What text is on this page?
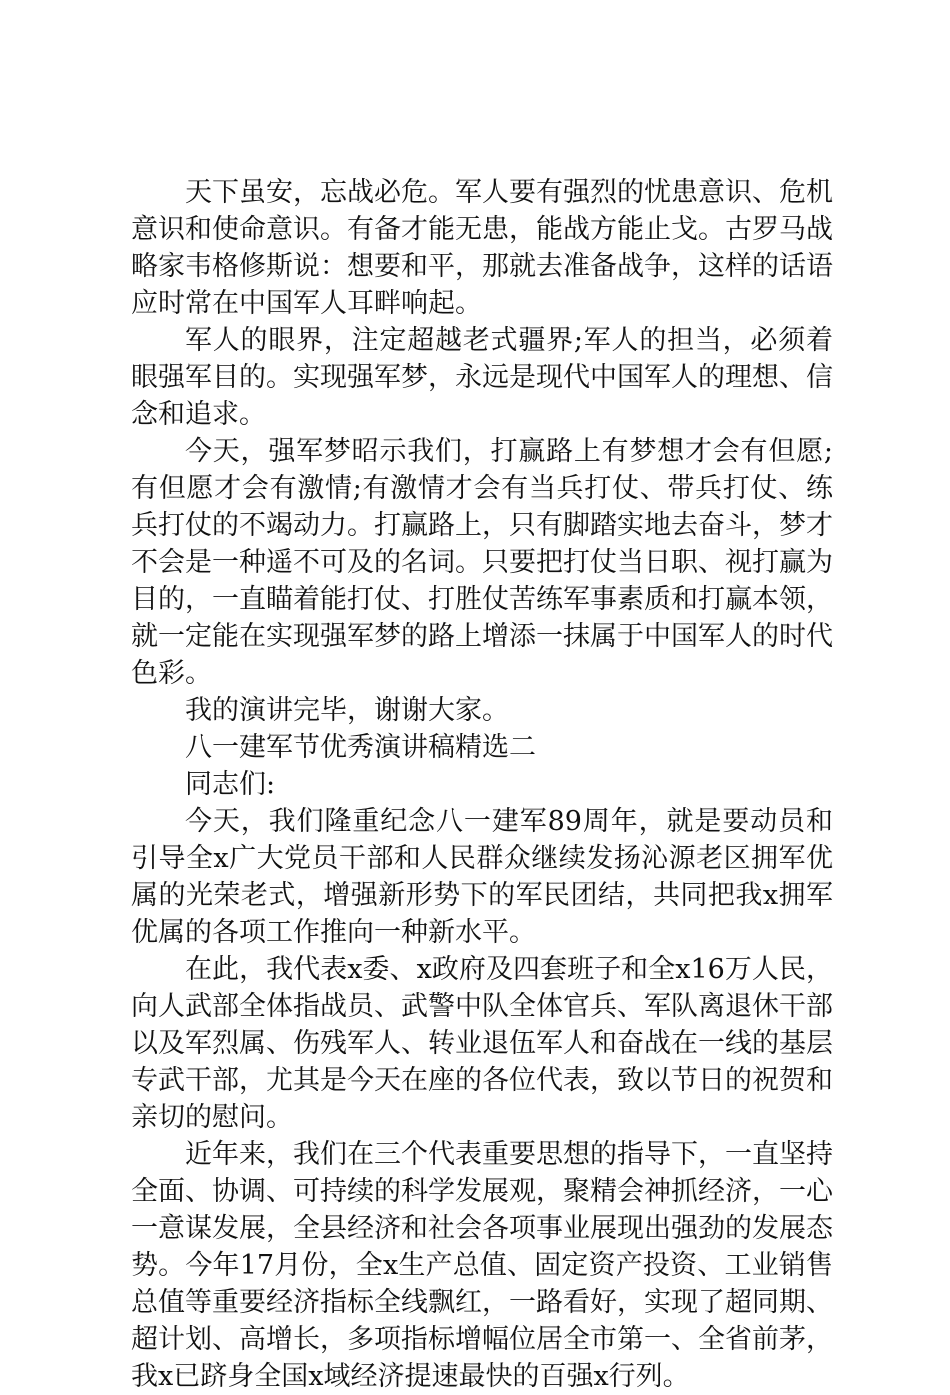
天下虽安，忘战必危。军人要有强烈的忧患意识、危机意识和使命意识。有备才能无患，能战方能止戈。古罗马战略家韦格修斯说：想要和平，那就去准备战争，这样的话语应时常在中国军人耳畔响起。

军人的眼界，注定超越老式疆界;军人的担当，必须着眼强军目的。实现强军梦，永远是现代中国军人的理想、信念和追求。

今天，强军梦昭示我们，打赢路上有梦想才会有但愿;有但愿才会有激情;有激情才会有当兵打仗、带兵打仗、练兵打仗的不竭动力。打赢路上，只有脚踏实地去奋斗，梦才不会是一种遥不可及的名词。只要把打仗当日职、视打赢为目的，一直瞄着能打仗、打胜仗苦练军事素质和打赢本领，就一定能在实现强军梦的路上增添一抹属于中国军人的时代色彩。

我的演讲完毕，谢谢大家。

八一建军节优秀演讲稿精选二

同志们:

今天，我们隆重纪念八一建军89周年，就是要动员和引导全x广大党员干部和人民群众继续发扬沁源老区拥军优属的光荣老式，增强新形势下的军民团结，共同把我x拥军优属的各项工作推向一种新水平。

在此，我代表x委、x政府及四套班子和全x16万人民，向人武部全体指战员、武警中队全体官兵、军队离退休干部以及军烈属、伤残军人、转业退伍军人和奋战在一线的基层专武干部，尤其是今天在座的各位代表，致以节日的祝贺和亲切的慰问。

近年来，我们在三个代表重要思想的指导下，一直坚持全面、协调、可持续的科学发展观，聚精会神抓经济，一心一意谋发展，全县经济和社会各项事业展现出强劲的发展态势。今年17月份，全x生产总值、固定资产投资、工业销售总值等重要经济指标全线飘红，一路看好，实现了超同期、超计划、高增长，多项指标增幅位居全市第一、全省前茅，我x已跻身全国x域经济提速最快的百强x行列。
